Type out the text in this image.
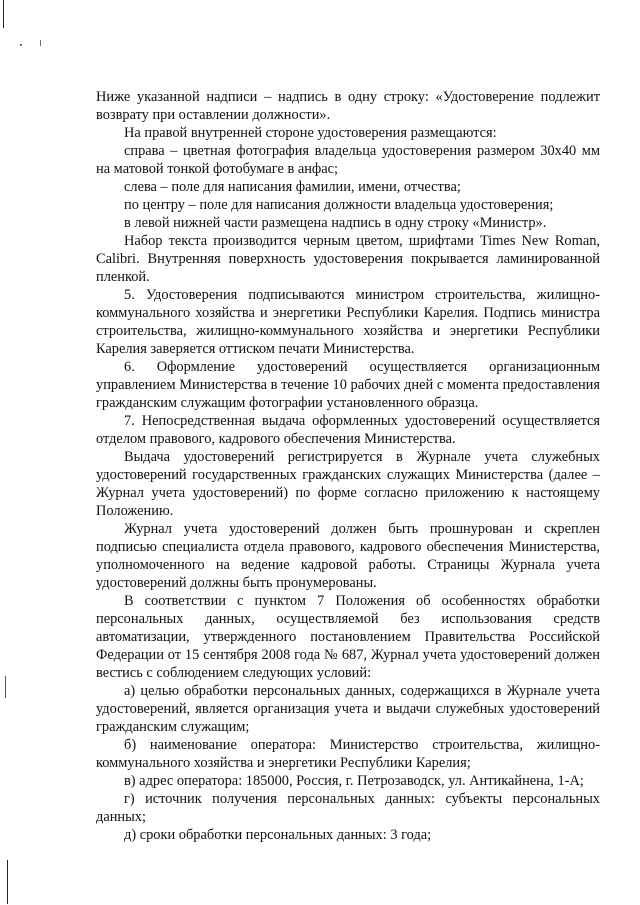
Ниже указанной надписи – надпись в одну строку: «Удостоверение подлежит возврату при оставлении должности».

На правой внутренней стороне удостоверения размещаются:

справа – цветная фотография владельца удостоверения размером 30х40 мм на матовой тонкой фотобумаге в анфас;

слева – поле для написания фамилии, имени, отчества;

по центру – поле для написания должности владельца удостоверения;

в левой нижней части размещена надпись в одну строку «Министр».

Набор текста производится черным цветом, шрифтами Times New Roman, Calibri. Внутренняя поверхность удостоверения покрывается ламинированной пленкой.

5. Удостоверения подписываются министром строительства, жилищно-коммунального хозяйства и энергетики Республики Карелия. Подпись министра строительства, жилищно-коммунального хозяйства и энергетики Республики Карелия заверяется оттиском печати Министерства.

6. Оформление удостоверений осуществляется организационным управлением Министерства в течение 10 рабочих дней с момента предоставления гражданским служащим фотографии установленного образца.

7. Непосредственная выдача оформленных удостоверений осуществляется отделом правового, кадрового обеспечения Министерства.

Выдача удостоверений регистрируется в Журнале учета служебных удостоверений государственных гражданских служащих Министерства (далее – Журнал учета удостоверений) по форме согласно приложению к настоящему Положению.

Журнал учета удостоверений должен быть прошнурован и скреплен подписью специалиста отдела правового, кадрового обеспечения Министерства, уполномоченного на ведение кадровой работы. Страницы Журнала учета удостоверений должны быть пронумерованы.

В соответствии с пунктом 7 Положения об особенностях обработки персональных данных, осуществляемой без использования средств автоматизации, утвержденного постановлением Правительства Российской Федерации от 15 сентября 2008 года № 687, Журнал учета удостоверений должен вестись с соблюдением следующих условий:

а) целью обработки персональных данных, содержащихся в Журнале учета удостоверений, является организация учета и выдачи служебных удостоверений гражданским служащим;

б) наименование оператора: Министерство строительства, жилищно-коммунального хозяйства и энергетики Республики Карелия;

в) адрес оператора: 185000, Россия, г. Петрозаводск, ул. Антикайнена, 1-А;

г) источник получения персональных данных: субъекты персональных данных;

д) сроки обработки персональных данных: 3 года;
